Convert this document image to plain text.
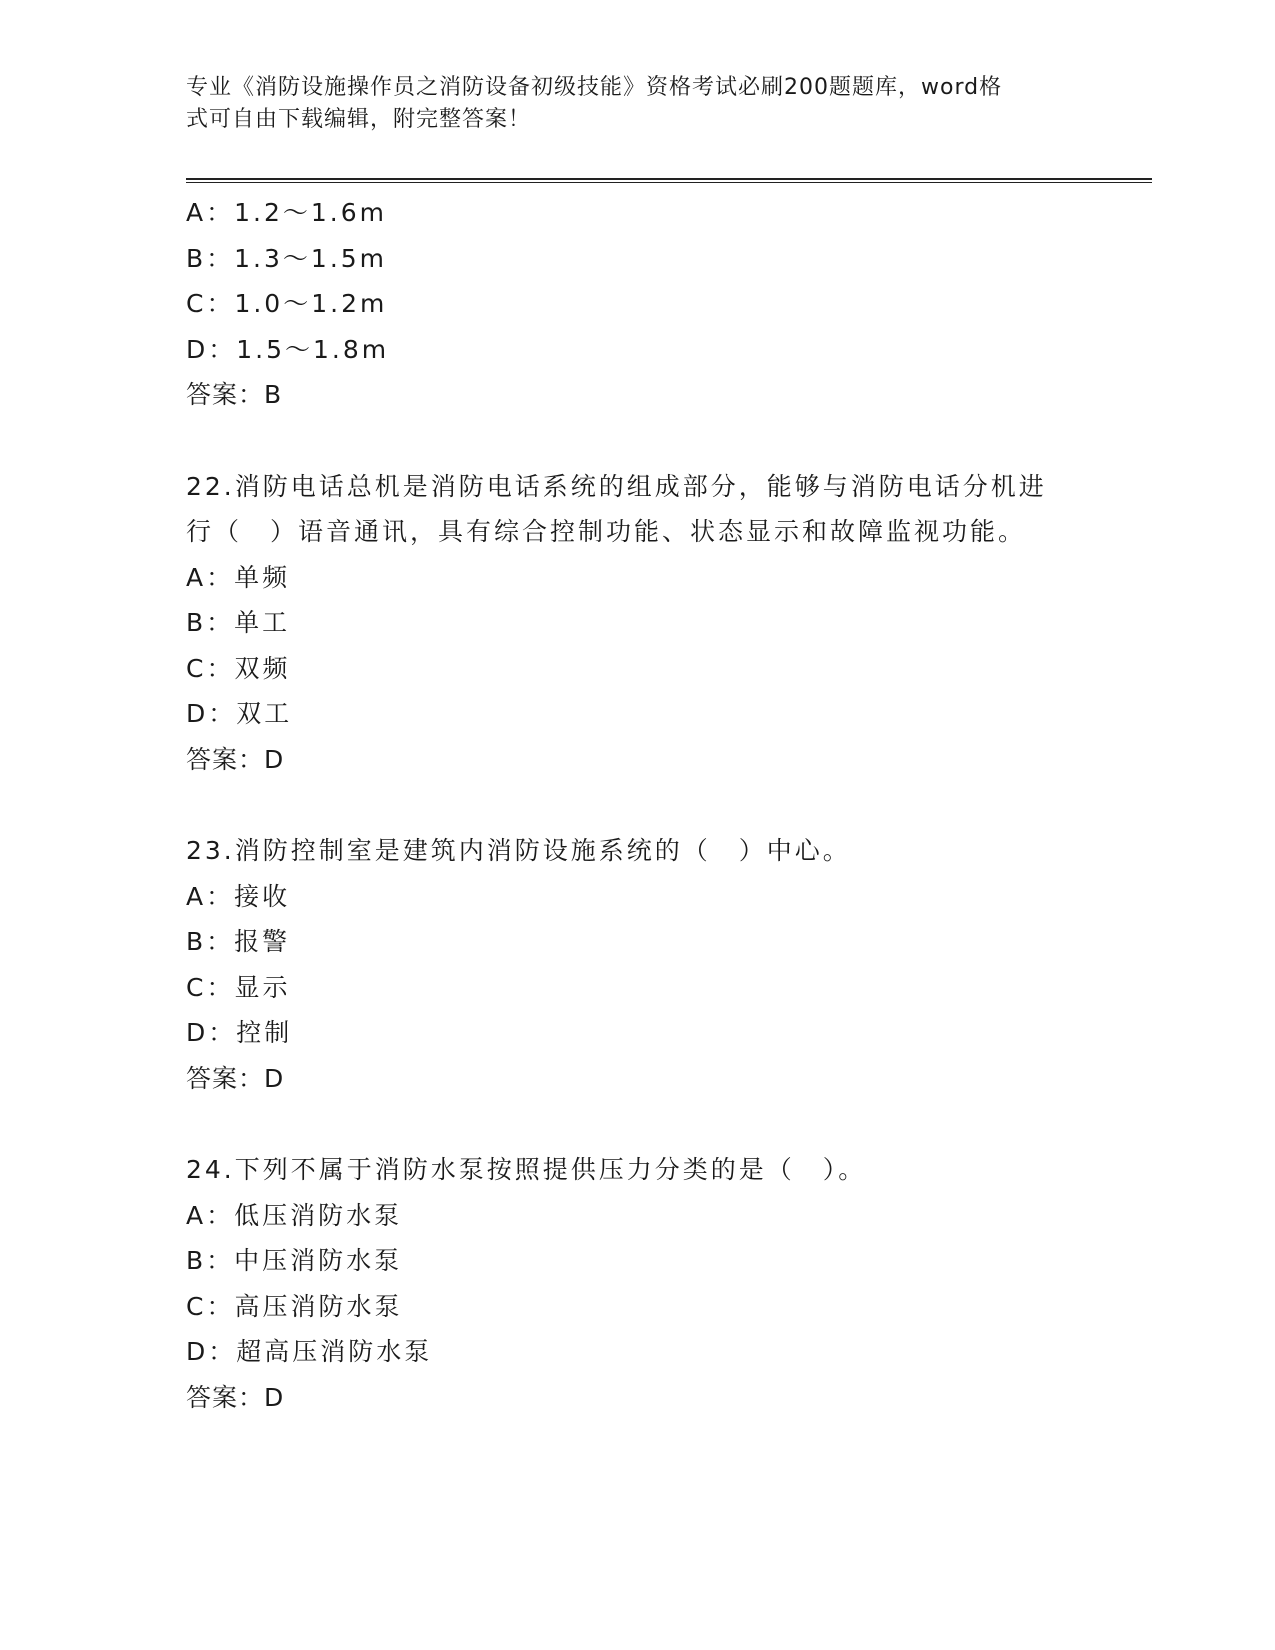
专业《消防设施操作员之消防设备初级技能》资格考试必刷200题题库，word格
式可自由下载编辑，附完整答案！
A：1.2～1.6m
B：1.3～1.5m
C：1.0～1.2m
D：1.5～1.8m
答案：B
22.消防电话总机是消防电话系统的组成部分，能够与消防电话分机进
行（　）语音通讯，具有综合控制功能、状态显示和故障监视功能。
A：单频
B：单工
C：双频
D：双工
答案：D
23.消防控制室是建筑内消防设施系统的（　）中心。
A：接收
B：报警
C：显示
D：控制
答案：D
24.下列不属于消防水泵按照提供压力分类的是（　）。
A：低压消防水泵
B：中压消防水泵
C：高压消防水泵
D：超高压消防水泵
答案：D
